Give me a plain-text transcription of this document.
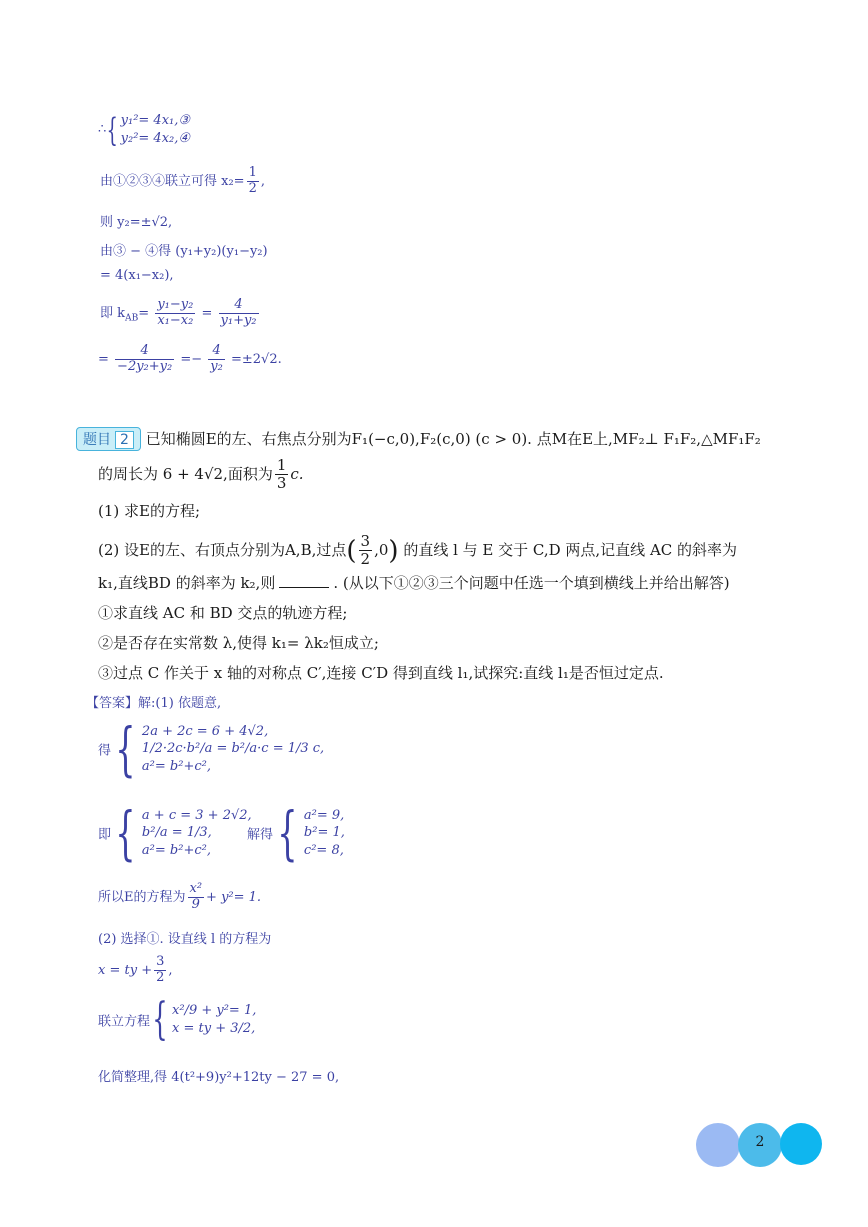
∴{ y₁²= 4x₁,③
y₂²= 4x₂,④
由①②③④联立可得 $x_2= \frac{1}{2}$ ,
则 y₂=±√2,
由③ − ④得 (y₁+y₂)(y₁−y₂)
= 4(x₁−x₂),
即 $k_{AB}= \frac{\text{y₁−y₂}}{\text{x₁−x₂}} = \frac{4}{\text{y₁+y₂}}$
= $\frac{4}{\text{−2y₂+y₂}} =- \frac{4}{\text{y₂}} =\pm 2√2$.
题目 2 已知椭圆E的左、右焦点分别为F₁(−c,0),F₂(c,0) (c > 0). 点M在E上,MF₂⊥ F₁F₂,△MF₁F₂
的周长为 6 + 4√2,面积为 $\frac{1}{3} c$.
(1) 求E的方程;
(2) 设E的左、右顶点分别为A,B,过点( $\frac{3}{2} ,0$) 的直线 l 与 E 交于 C,D 两点,记直线 AC 的斜率为
k₁,直线BD 的斜率为 k₂,则	. (从以下①②③三个问题中任选一个填到横线上并给出解答)
①求直线 AC 和 BD 交点的轨迹方程;
②是否存在实常数 λ,使得 k₁= λk₂恒成立;
③过点 C 作关于 x 轴的对称点 C′,连接 C′D 得到直线 l₁,试探究:直线 l₁是否恒过定点.
【答案】解:(1) 依题意,
得{ 2a + 2c = 6 + 4√2,
1/2·2c·b²/a = b²/a·c = 1/3 c,
a²= b²+c²,
即{ a + c = 3 + 2√2,
b²/a = 1/3,
a²= b²+c²,
解得{ a²= 9,
b²= 1,
c²= 8,
所以E的方程为 $\frac{\text{x²}}{9} + y^2= 1$.
(2) 选择①. 设直线 l 的方程为
x = ty + $\frac{3}{2}$ ,
联立方程{ x²/9 + y²= 1,
x = ty + 3/2,
化简整理,得 4(t²+9)y²+12ty − 27 = 0,
2
